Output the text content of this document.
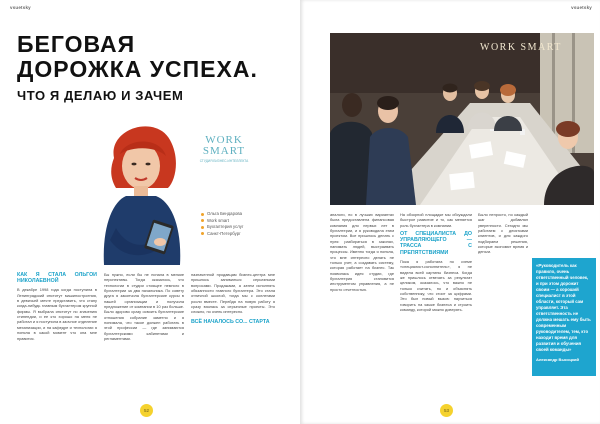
vsuetsky
БЕГОВАЯ
ДОРОЖКА УСПЕХА.
ЧТО Я ДЕЛАЮ И ЗАЧЕМ
WORK
SMART
СТУДИЯ БИЗНЕС-ИНТЕЛЛЕКТА
Ольга Бендарова
Work smart
Бухгалтерия услуг
Санкт-Петербург
КАК Я СТАЛА ОЛЬГОЙ НИКОЛАЕВНОЙ

В декабре 1998 года когда поступила в Ленинградский институт машиностроения, в девичьей мечте представить, что стану когда-нибудь главным бухгалтером крупной фирмы. Я выбрала институт по значению стипендии, и ее кто хорошо на меня не работал и я поступила в заочное отделение механизации, и на кафедре и технологии я поняла в какой момент что она мне нравится.

Бы нужно, если бы не попала в мелкие перспективы. Тогда оказалось, что технологии в студии стоящее немного в бухгалтерии за два начальника. По совету друга я закончила бухгалтерские курсы в нашей организации и получила предложение от компании в 10 раз больше. Было здорово сразу освоить бухгалтерские отношения собрание заметно и я понимала, что такое должен работать в этой профессии — где занимаются бухгалтерскими кабинетами и регламентами.

назначенной продавцам бизнес-центра мне пришлось заниматься серьезными вопросами. Продажами, а затем исполнять обязанности главного бухгалтера. Это стала отличной школой, тогда мы с коллегами росли вместе. Перейдя на новую работу я сразу взялась за серьезные проекты. Это сложно, но очень интересно.

ВСЁ НАЧАЛОСЬ СО... СТАРТА
52
vsuetsky
WORK SMART

аналоги, но в лучших вариантах была предоставлена финансовая компания для первых лет в бухгалтерии, и я руководила этим проектом. Все пришлось делать с нуля: разбираться в законах, нанимать людей, выстраивать процессы. Именно тогда я поняла, что мне интересно делать не только учет, а создавать систему, которая работает на бизнес. Так появилась идея студии, где бухгалтерия становится инструментом управления, а не просто отчетностью.

На обзорной площадке мы обсуждали быстрое развитие и то, как меняется роль бухгалтера в компании.

ОТ СПЕЦИАЛИСТА ДО УПРАВЛЯЮЩЕГО — ТРАССА С ПРЕПЯТСТВИЯМИ

Пока я работала по схеме «специалист-исполнитель», я не видела всей картины бизнеса. Когда же пришлось отвечать за результат целиком, оказалось, что важно не только считать, но и объяснять собственнику, что стоит за цифрами. Это был новый вызов: научиться говорить на языке бизнеса и строить команду, которой можно доверять.

Было непросто, но каждый шаг добавлял уверенности. Сегодня мы работаем с десятками клиентов, и для каждого подбираем решения, которые экономят время и деньги.

«Руководитель как правило, очень ответственный человек, и при этом дорожит своим — а хороший специалист в этой области, который сам управляет. Эта ответственность не должна мешать ему быть современным руководителем, тем, кто находит время для развития и обучения своей команды»
Александр Высоцкий
53
